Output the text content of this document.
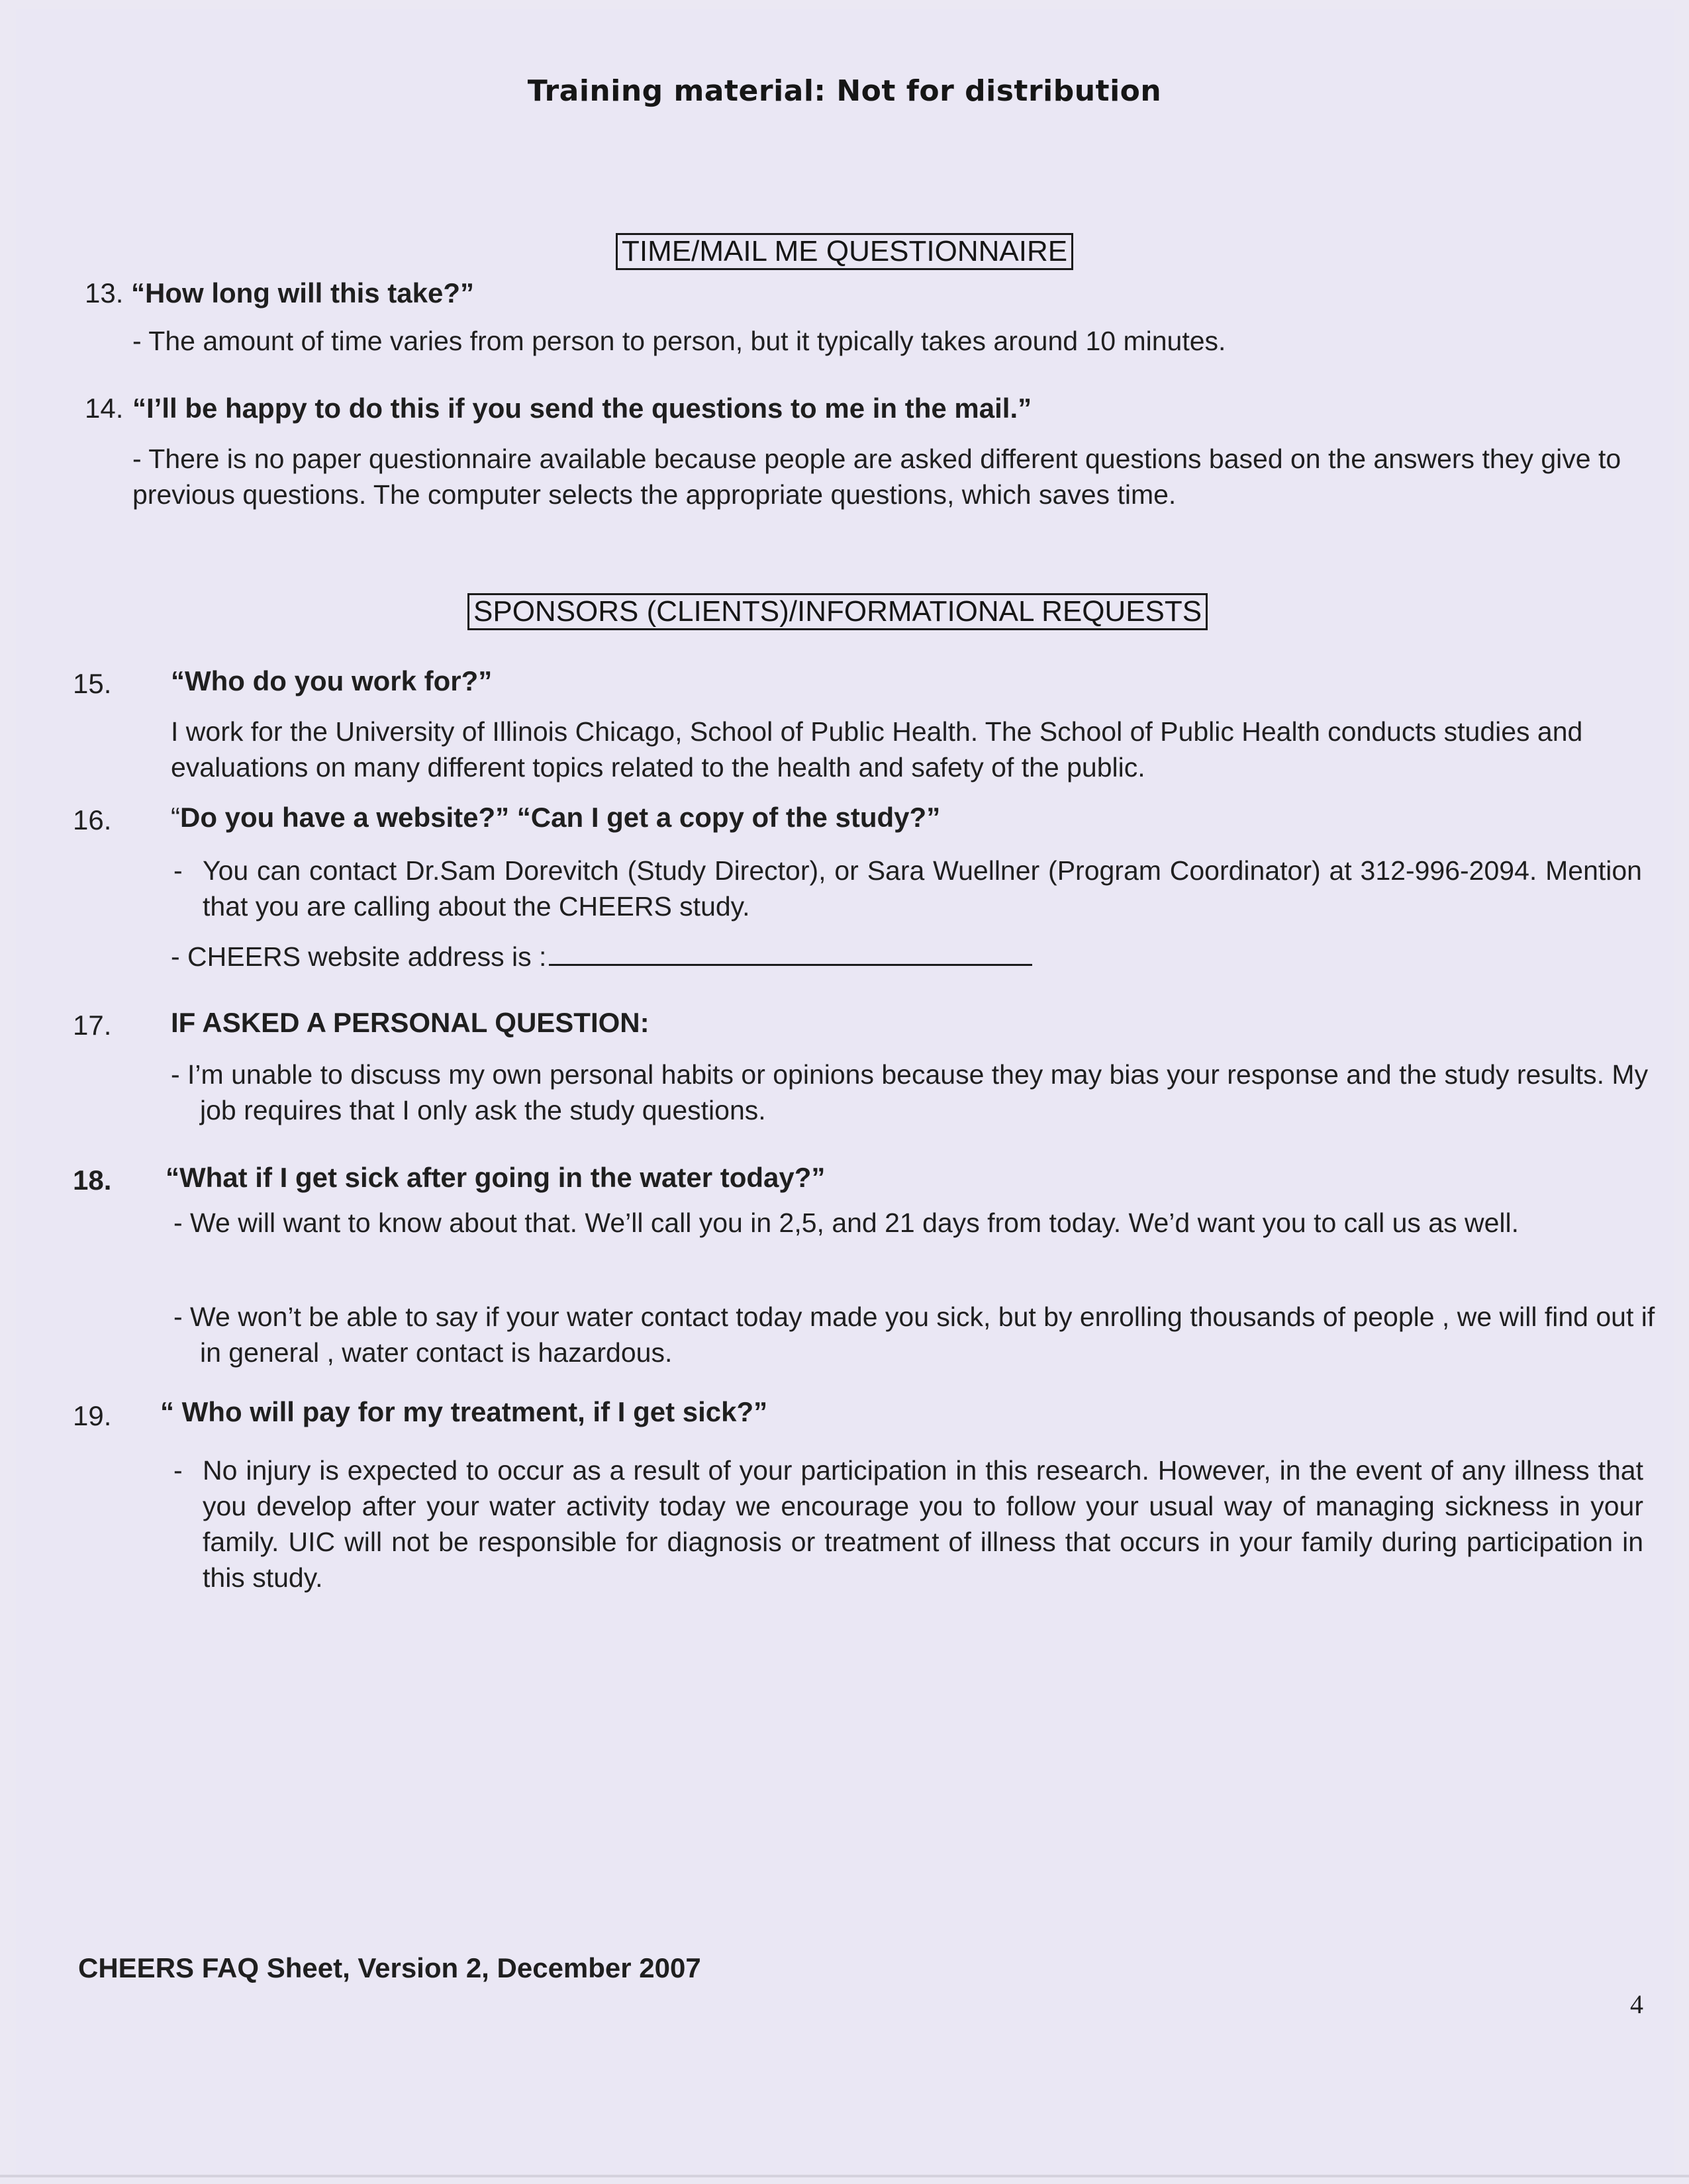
Training material: Not for distribution
TIME/MAIL ME QUESTIONNAIRE
13. “How long will this take?”
- The amount of time varies from person to person, but it typically takes around 10 minutes.
14. “I’ll be happy to do this if you send the questions to me in the mail.”
- There is no paper questionnaire available because people are asked different questions based on the answers they give to previous questions. The computer selects the appropriate questions, which saves time.
SPONSORS (CLIENTS)/INFORMATIONAL REQUESTS
15. “Who do you work for?”
I work for the University of Illinois Chicago, School of Public Health. The School of Public Health conducts studies and evaluations on many different topics related to the health and safety of the public.
16. “Do you have a website?” “Can I get a copy of the study?”
- You can contact Dr.Sam Dorevitch (Study Director), or Sara Wuellner (Program Coordinator) at 312-996-2094. Mention that you are calling about the CHEERS study.
- CHEERS website address is :
17. IF ASKED A PERSONAL QUESTION:
- I’m unable to discuss my own personal habits or opinions because they may bias your response and the study results. My job requires that I only ask the study questions.
18. “What if I get sick after going in the water today?”
- We will want to know about that. We’ll call you in 2,5, and 21 days from today. We’d want you to call us as well.
- We won’t be able to say if your water contact today made you sick, but by enrolling thousands of people , we will find out if in general , water contact is hazardous.
19. “ Who will pay for my treatment, if I get sick?”
- No injury is expected to occur as a result of your participation in this research. However, in the event of any illness that you develop after your water activity today we encourage you to follow your usual way of managing sickness in your family. UIC will not be responsible for diagnosis or treatment of illness that occurs in your family during participation in this study.
CHEERS FAQ Sheet, Version 2, December 2007
4
